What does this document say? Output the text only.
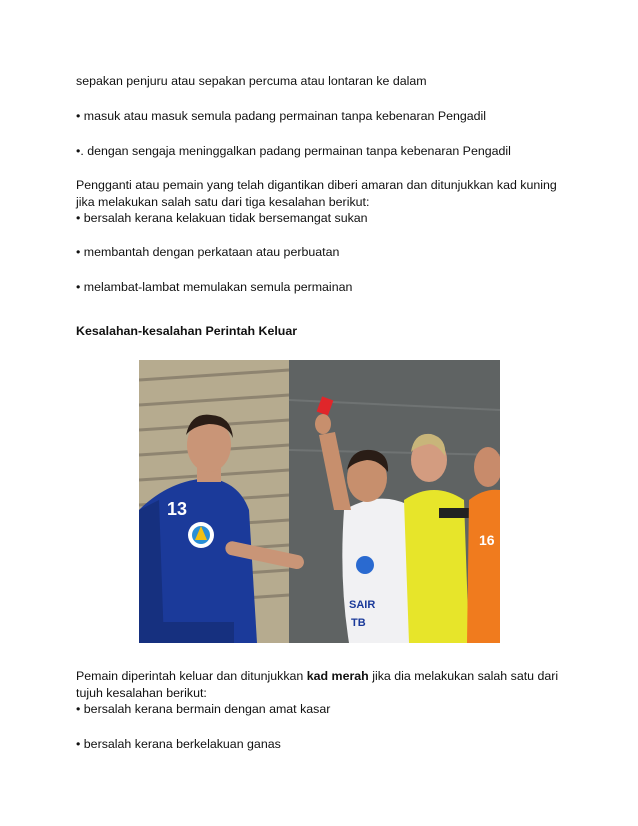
sepakan penjuru atau sepakan percuma atau lontaran ke dalam

• masuk atau masuk semula padang permainan tanpa kebenaran Pengadil

•. dengan sengaja meninggalkan padang permainan tanpa kebenaran Pengadil

Pengganti atau pemain yang telah digantikan diberi amaran dan ditunjukkan kad kuning

jika melakukan salah satu dari tiga kesalahan berikut:

• bersalah kerana kelakuan tidak bersemangat sukan

• membantah dengan perkataan atau perbuatan

• melambat-lambat memulakan semula permainan

Kesalahan-kesalahan Perintah Keluar

13
SAIR
TB
16

Pemain diperintah keluar dan ditunjukkan kad merah jika dia melakukan salah satu dari

tujuh kesalahan berikut:

• bersalah kerana bermain dengan amat kasar

• bersalah kerana berkelakuan ganas
